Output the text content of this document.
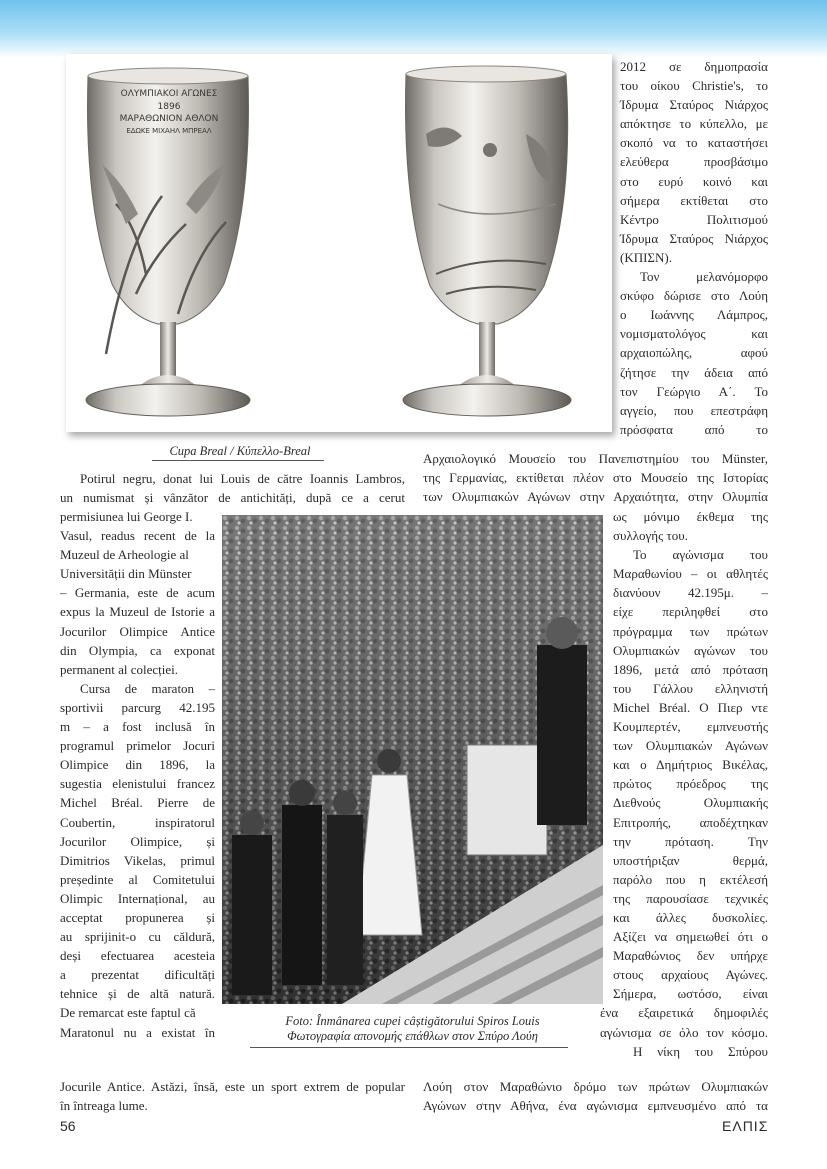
ΟΛΥΜΠΙΑΚΟΙ ΑΓΩΝΕΣ
1896
ΜΑΡΑΘΩΝΙΟΝ ΑΘΛΟΝ
ΕΔΩΚΕ ΜΙΧΑΗΛ ΜΠΡΕΑΛ
Cupa Breal / Κύπελλο-Breal
2012 σε δημοπρασία
του οίκου Christie's, το
Ίδρυμα Σταύρος Νιάρχος
απόκτησε το κύπελλο, με
σκοπό να το καταστήσει
ελεύθερα προσβάσιμο
στο ευρύ κοινό και
σήμερα εκτίθεται στο
Κέντρο Πολιτισμού
Ίδρυμα Σταύρος Νιάρχος
(ΚΠΙΣΝ).
Τον μελανόμορφο
σκύφο δώρισε στο Λούη
ο Ιωάννης Λάμπρος,
νομισματολόγος και
αρχαιοπώλης, αφού
ζήτησε την άδεια από
τον Γεώργιο Α΄. Το
αγγείο, που επεστράφη
πρόσφατα από το
Αρχαιολογικό Μουσείο του Πανεπιστημίου του Münster,
της Γερμανίας, εκτίθεται πλέον στο Μουσείο της Ιστορίας
των Ολυμπιακών Αγώνων στην Αρχαιότητα, στην Ολυμπία
ως μόνιμο έκθεμα της
συλλογής του.
Το αγώνισμα του
Μαραθωνίου – οι αθλητές
διανύουν 42.195μ. –
είχε περιληφθεί στο
πρόγραμμα των πρώτων
Ολυμπιακών αγώνων του
1896, μετά από πρόταση
του Γάλλου ελληνιστή
Michel Bréal. Ο Πιερ ντε
Κουμπερτέν, εμπνευστής
των Ολυμπιακών Αγώνων
και ο Δημήτριος Βικέλας,
πρώτος πρόεδρος της
Διεθνούς Ολυμπιακής
Επιτροπής, αποδέχτηκαν
την πρόταση. Την
υποστήριξαν θερμά,
παρόλο που η εκτέλεσή
της παρουσίασε τεχνικές
και άλλες δυσκολίες.
Αξίζει να σημειωθεί ότι ο
Μαραθώνιος δεν υπήρχε
στους αρχαίους Αγώνες.
Σήμερα, ωστόσο, είναι
ένα εξαιρετικά δημοφιλές
αγώνισμα σε όλο τον κόσμο.
Η νίκη του Σπύρου
Λούη στον Μαραθώνιο δρόμο των πρώτων Ολυμπιακών
Αγώνων στην Αθήνα, ένα αγώνισμα εμπνευσμένο από τα
Potirul negru, donat lui Louis de către Ioannis Lambros,
un numismat și vânzător de antichități, după ce a cerut
permisiunea lui George I.
Vasul, readus recent de la
Muzeul de Arheologie al
Universității din Münster
– Germania, este de acum
expus la Muzeul de Istorie a
Jocurilor Olimpice Antice
din Olympia, ca exponat
permanent al colecției.
Cursa de maraton –
sportivii parcurg 42.195
m – a fost inclusă în
programul primelor Jocuri
Olimpice din 1896, la
sugestia elenistului francez
Michel Bréal. Pierre de
Coubertin, inspiratorul
Jocurilor Olimpice, și
Dimitrios Vikelas, primul
președinte al Comitetului
Olimpic Internațional, au
acceptat propunerea și
au sprijinit-o cu căldură,
deși efectuarea acesteia
a prezentat dificultăți
tehnice și de altă natură.
De remarcat este faptul că
Maratonul nu a existat în
Jocurile Antice. Astăzi, însă, este un sport extrem de popular
în întreaga lume.
Foto: Înmânarea cupei câștigătorului Spiros Louis
Φωτογραφία απονομής επάθλων στον Σπύρο Λούη
56	ΕΛΠΙΣ
